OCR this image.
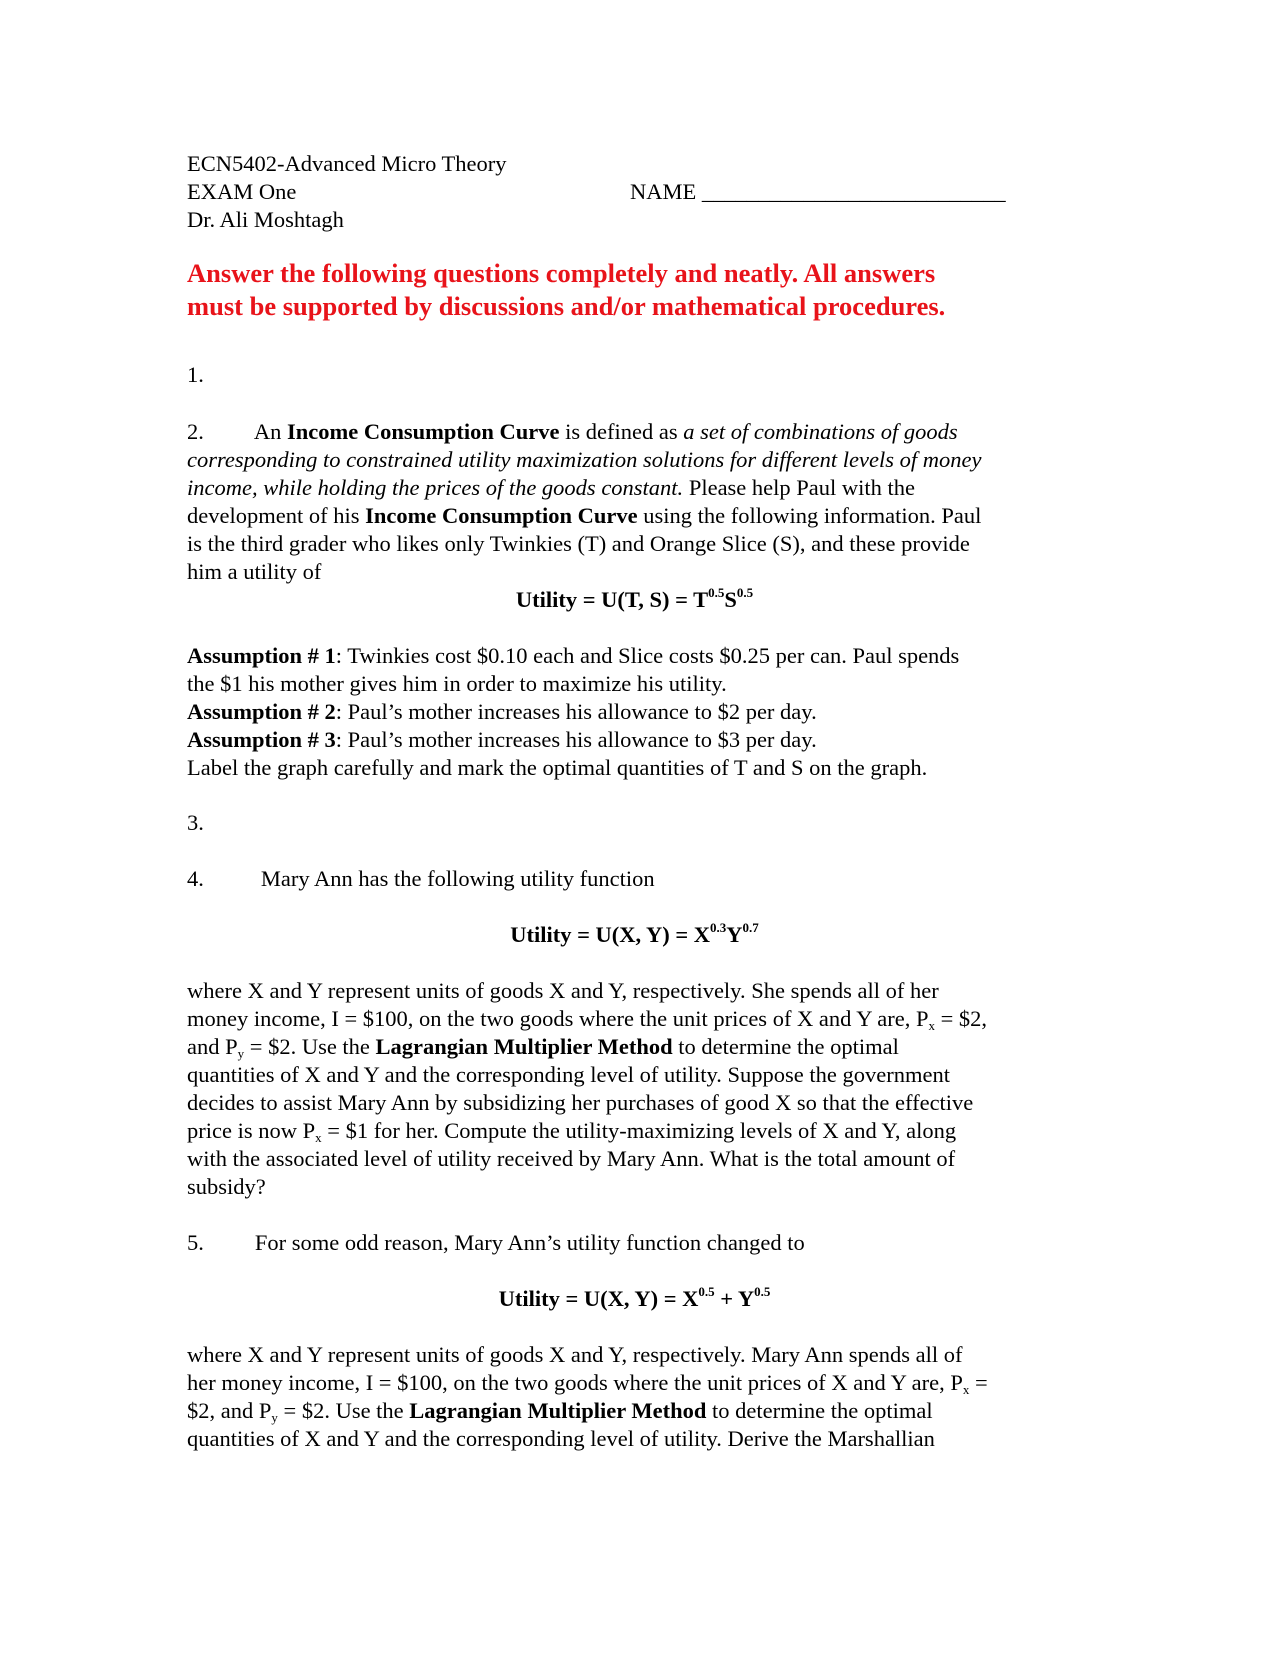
ECN5402-Advanced Micro Theory
EXAM One	NAME ___________________________
Dr. Ali Moshtagh
Answer the following questions completely and neatly. All answers
must be supported by discussions and/or mathematical procedures.
1.
2. An Income Consumption Curve is defined as a set of combinations of goods
corresponding to constrained utility maximization solutions for different levels of money
income, while holding the prices of the goods constant. Please help Paul with the
development of his Income Consumption Curve using the following information. Paul
is the third grader who likes only Twinkies (T) and Orange Slice (S), and these provide
him a utility of
Utility = U(T, $S) = T^{0.5}S^{0.5}$
Assumption # 1: Twinkies cost $0.10 each and Slice costs $0.25 per can. Paul spends
the $1 his mother gives him in order to maximize his utility.
Assumption # 2: Paul’s mother increases his allowance to $2 per day.
Assumption # 3: Paul’s mother increases his allowance to $3 per day.
Label the graph carefully and mark the optimal quantities of T and S on the graph.
3.
4.	Mary Ann has the following utility function
Utility = U(X, $Y) = X^{0.3}Y^{0.7}$
where X and Y represent units of goods X and Y, respectively. She spends all of her
money income, I = $100, on the two goods where the unit prices of X and Y are, Px = $2,
and Py = $2. Use the Lagrangian Multiplier Method to determine the optimal
quantities of X and Y and the corresponding level of utility. Suppose the government
decides to assist Mary Ann by subsidizing her purchases of good X so that the effective
price is now Px = $1 for her. Compute the utility-maximizing levels of X and Y, along
with the associated level of utility received by Mary Ann. What is the total amount of
subsidy?
5. For some odd reason, Mary Ann’s utility function changed to
Utility = U(X, $Y) = X^{0.5} + Y^{0.5}$
where X and Y represent units of goods X and Y, respectively. Mary Ann spends all of
her money income, I = $100, on the two goods where the unit prices of X and Y are, Px =
$2, and Py = $2. Use the Lagrangian Multiplier Method to determine the optimal
quantities of X and Y and the corresponding level of utility. Derive the Marshallian
